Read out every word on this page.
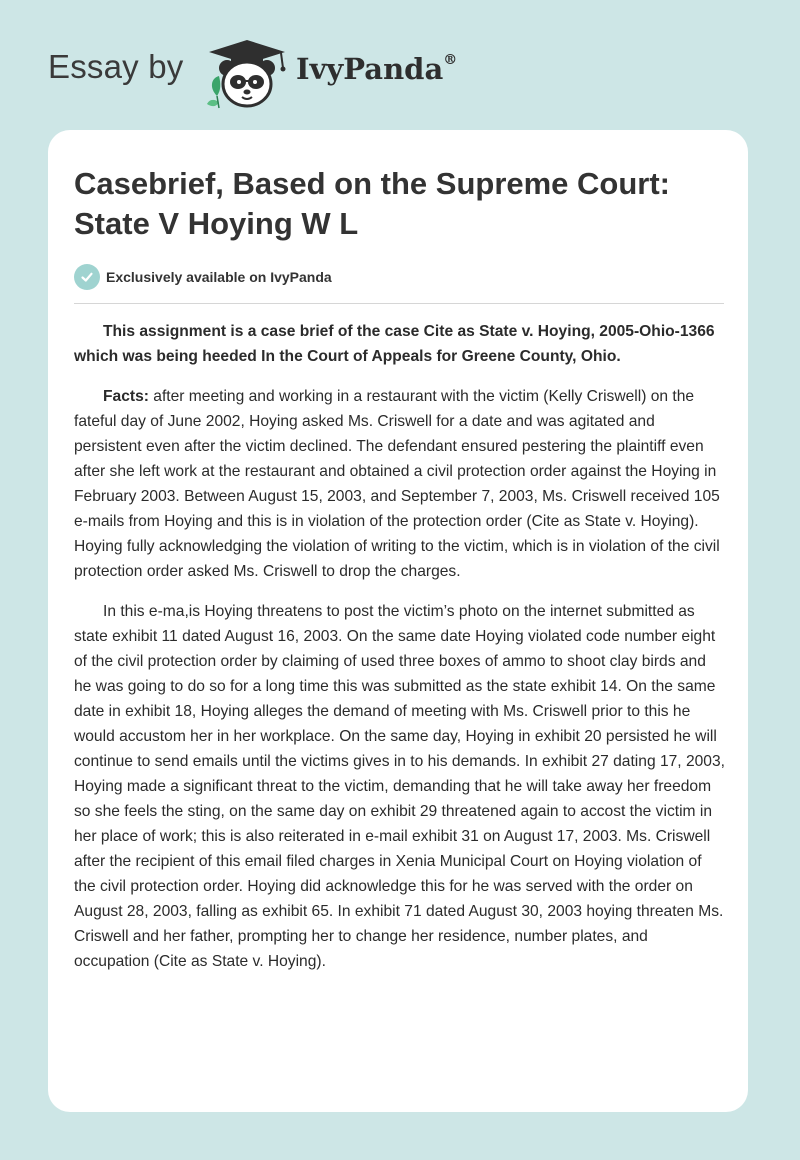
Essay by	IvyPanda®
Casebrief, Based on the Supreme Court: State V Hoying W L
Exclusively available on IvyPanda

This assignment is a case brief of the case Cite as State v. Hoying, 2005-Ohio-1366 which was being heeded In the Court of Appeals for Greene County, Ohio.

Facts: after meeting and working in a restaurant with the victim (Kelly Criswell) on the fateful day of June 2002, Hoying asked Ms. Criswell for a date and was agitated and persistent even after the victim declined. The defendant ensured pestering the plaintiff even after she left work at the restaurant and obtained a civil protection order against the Hoying in February 2003. Between August 15, 2003, and September 7, 2003, Ms. Criswell received 105 e-mails from Hoying and this is in violation of the protection order (Cite as State v. Hoying). Hoying fully acknowledging the violation of writing to the victim, which is in violation of the civil protection order asked Ms. Criswell to drop the charges.

In this e-ma,is Hoying threatens to post the victim’s photo on the internet submitted as state exhibit 11 dated August 16, 2003. On the same date Hoying violated code number eight of the civil protection order by claiming of used three boxes of ammo to shoot clay birds and he was going to do so for a long time this was submitted as the state exhibit 14. On the same date in exhibit 18, Hoying alleges the demand of meeting with Ms. Criswell prior to this he would accustom her in her workplace. On the same day, Hoying in exhibit 20 persisted he will continue to send emails until the victims gives in to his demands. In exhibit 27 dating 17, 2003, Hoying made a significant threat to the victim, demanding that he will take away her freedom so she feels the sting, on the same day on exhibit 29 threatened again to accost the victim in her place of work; this is also reiterated in e-mail exhibit 31 on August 17, 2003. Ms. Criswell after the recipient of this email filed charges in Xenia Municipal Court on Hoying violation of the civil protection order. Hoying did acknowledge this for he was served with the order on August 28, 2003, falling as exhibit 65. In exhibit 71 dated August 30, 2003 hoying threaten Ms. Criswell and her father, prompting her to change her residence, number plates, and occupation (Cite as State v. Hoying).
